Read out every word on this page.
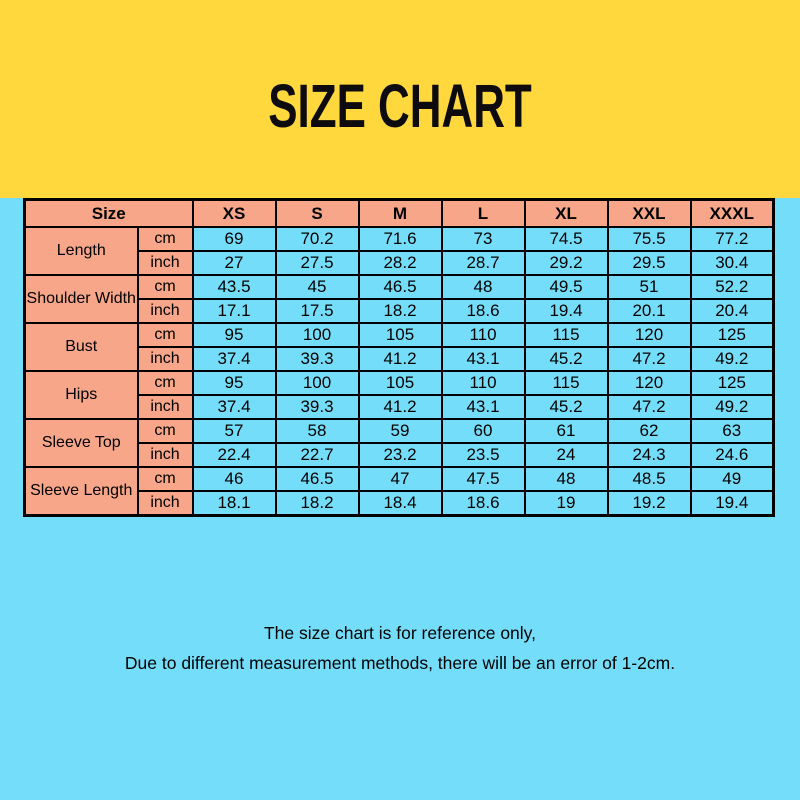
SIZE CHART
Size		XS	S	M	L	XL	XXL	XXXL
Length	cm	69	70.2	71.6	73	74.5	75.5	77.2
	inch	27	27.5	28.2	28.7	29.2	29.5	30.4
Shoulder Width	cm	43.5	45	46.5	48	49.5	51	52.2
	inch	17.1	17.5	18.2	18.6	19.4	20.1	20.4
Bust	cm	95	100	105	110	115	120	125
	inch	37.4	39.3	41.2	43.1	45.2	47.2	49.2
Hips	cm	95	100	105	110	115	120	125
	inch	37.4	39.3	41.2	43.1	45.2	47.2	49.2
Sleeve Top	cm	57	58	59	60	61	62	63
	inch	22.4	22.7	23.2	23.5	24	24.3	24.6
Sleeve Length	cm	46	46.5	47	47.5	48	48.5	49
	inch	18.1	18.2	18.4	18.6	19	19.2	19.4

The size chart is for reference only,

Due to different measurement methods, there will be an error of 1-2cm.
